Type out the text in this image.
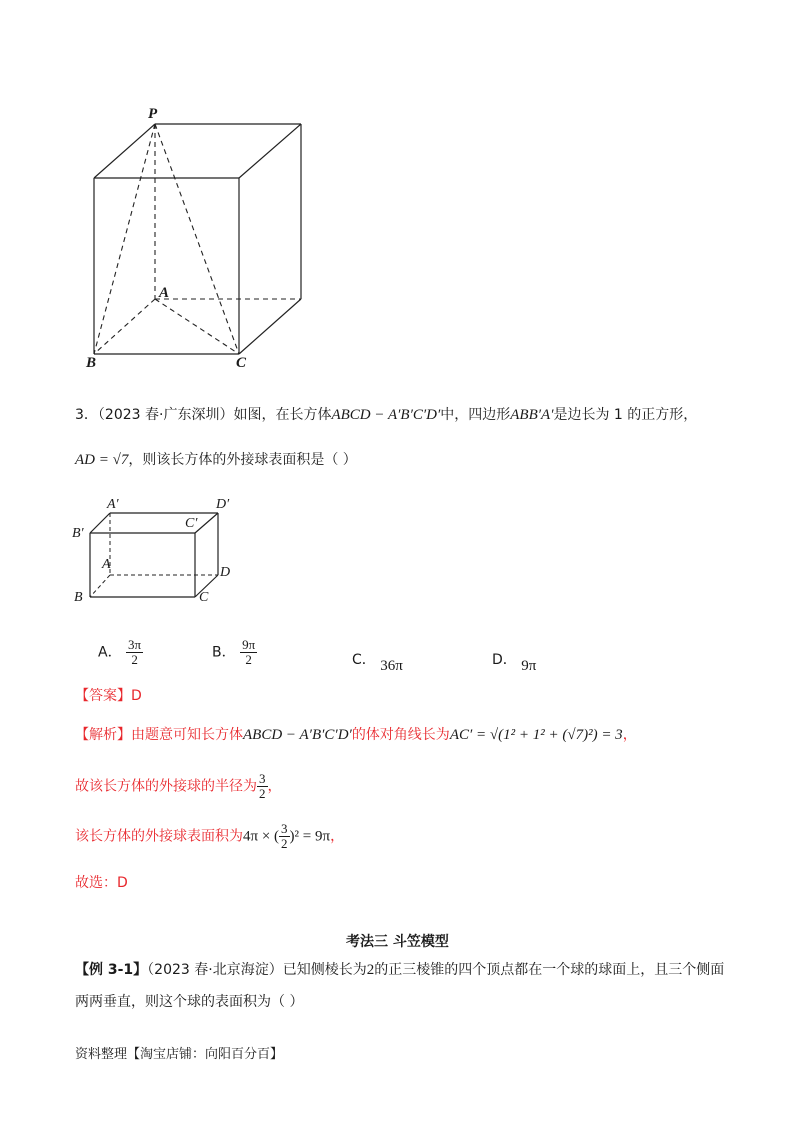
P
A
B	C
3．（2023 春·广东深圳）如图，在长方体ABCD − A′B′C′D′中，四边形ABB′A′是边长为 1 的正方形，
AD = √7，则该长方体的外接球表面积是（ ）
A′	D′
C′
B′
A
D
B	C
A． $\frac{3\pi}{2}$	B． $\frac{9\pi}{2}$	C． 36π	D． 9π
【答案】D
【解析】由题意可知长方体ABCD − A′B′C′D′的体对角线长为AC′ = √(1² + 1² + (√7)²) = 3，
故该长方体的外接球的半径为 $\frac{3}{2}$ ，
该长方体的外接球表面积为4π × ( $\frac{3}{2} )^2 = 9\pi$，
故选：D
考法三 斗笠模型
【例 3-1】（2023 春·北京海淀）已知侧棱长为2的正三棱锥的四个顶点都在一个球的球面上，且三个侧面
两两垂直，则这个球的表面积为（ ）
资料整理【淘宝店铺：向阳百分百】
